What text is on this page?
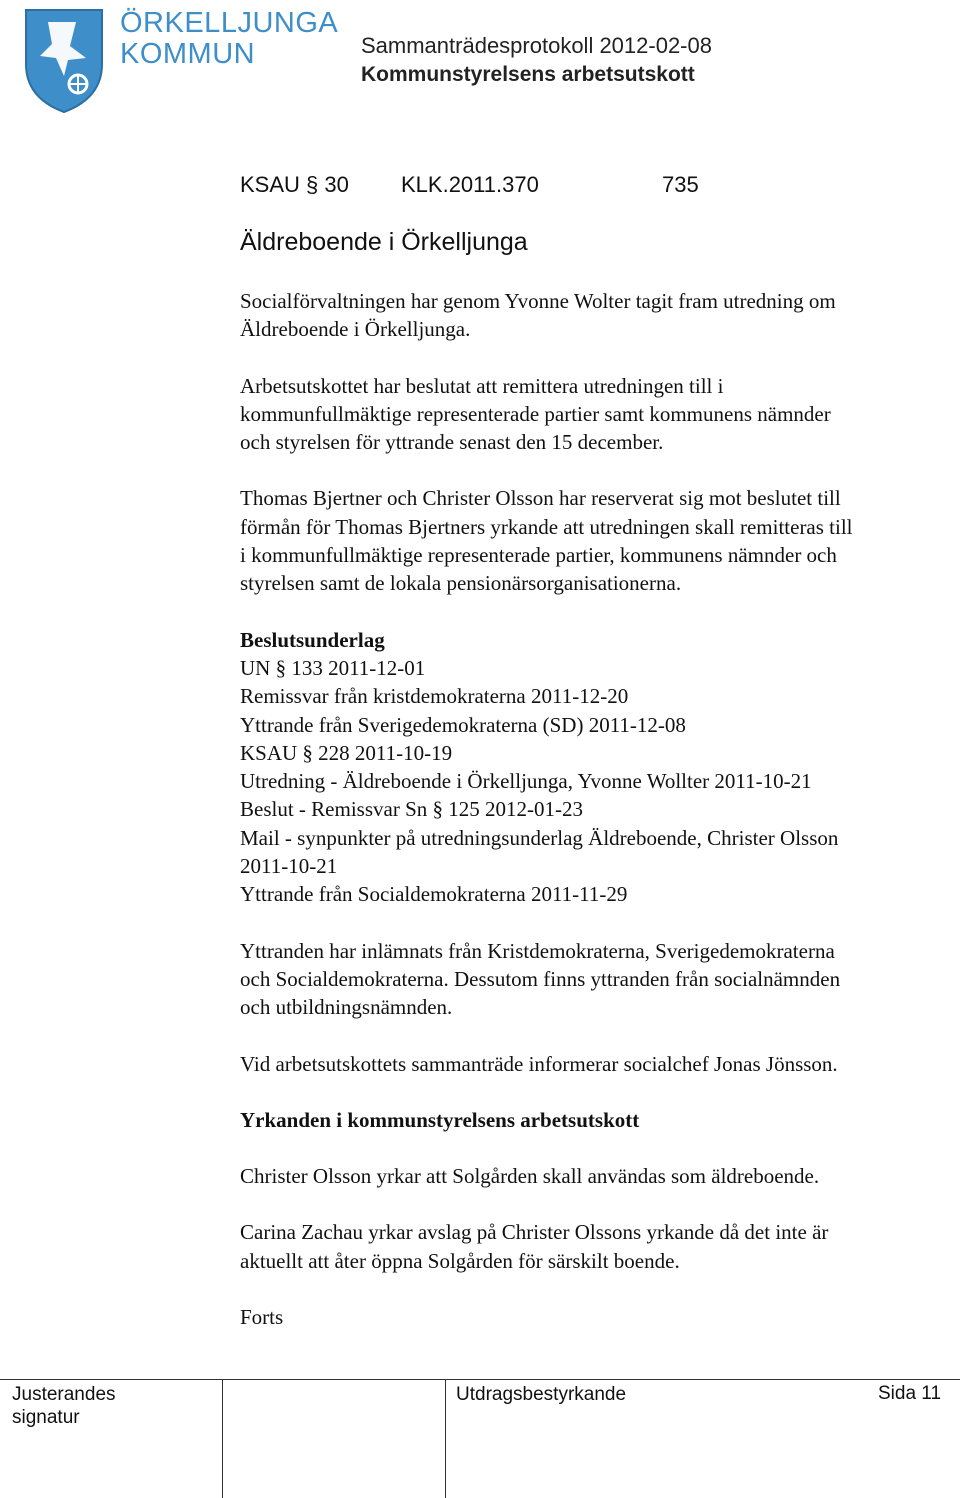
ÖRKELLJUNGA
KOMMUN	Sammanträdesprotokoll 2012-02-08
Kommunstyrelsens arbetsutskott
KSAU § 30 KLK.2011.370	735
Äldreboende i Örkelljunga
Socialförvaltningen har genom Yvonne Wolter tagit fram utredning om
Äldreboende i Örkelljunga.
Arbetsutskottet har beslutat att remittera utredningen till i
kommunfullmäktige representerade partier samt kommunens nämnder
och styrelsen för yttrande senast den 15 december.
Thomas Bjertner och Christer Olsson har reserverat sig mot beslutet till
förmån för Thomas Bjertners yrkande att utredningen skall remitteras till
i kommunfullmäktige representerade partier, kommunens nämnder och
styrelsen samt de lokala pensionärsorganisationerna.
Beslutsunderlag
UN § 133 2011-12-01
Remissvar från kristdemokraterna 2011-12-20
Yttrande från Sverigedemokraterna (SD) 2011-12-08
KSAU § 228 2011-10-19
Utredning - Äldreboende i Örkelljunga, Yvonne Wollter 2011-10-21
Beslut - Remissvar Sn § 125 2012-01-23
Mail - synpunkter på utredningsunderlag Äldreboende, Christer Olsson
2011-10-21
Yttrande från Socialdemokraterna 2011-11-29
Yttranden har inlämnats från Kristdemokraterna, Sverigedemokraterna
och Socialdemokraterna. Dessutom finns yttranden från socialnämnden
och utbildningsnämnden.
Vid arbetsutskottets sammanträde informerar socialchef Jonas Jönsson.
Yrkanden i kommunstyrelsens arbetsutskott
Christer Olsson yrkar att Solgården skall användas som äldreboende.
Carina Zachau yrkar avslag på Christer Olssons yrkande då det inte är
aktuellt att åter öppna Solgården för särskilt boende.
Forts
Justerandes
signatur
Utdragsbestyrkande	Sida 11
